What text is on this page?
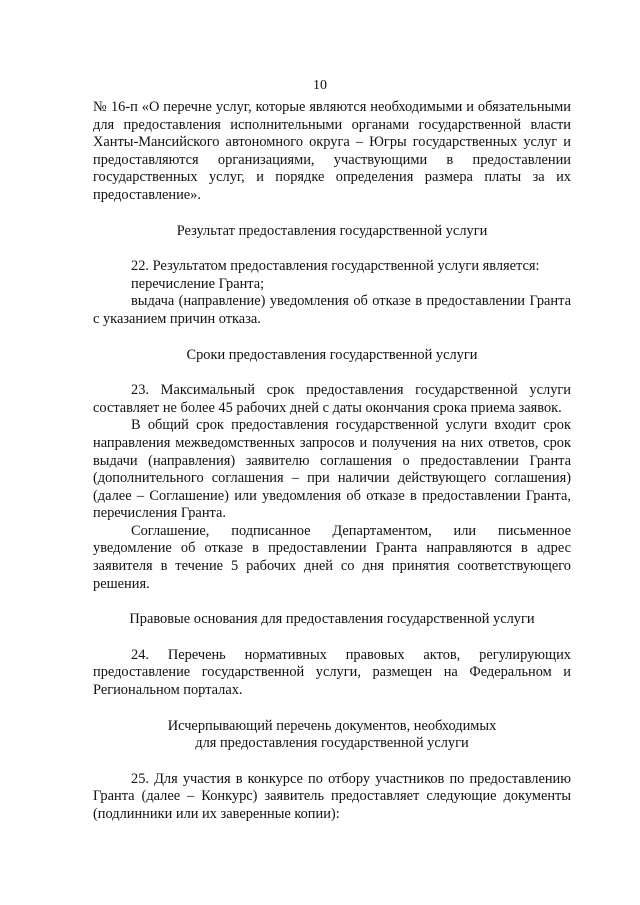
10

№ 16-п «О перечне услуг, которые являются необходимыми и обязательными для предоставления исполнительными органами государственной власти Ханты-Мансийского автономного округа – Югры государственных услуг и предоставляются организациями, участвующими в предоставлении государственных услуг, и порядке определения размера платы за их предоставление».

Результат предоставления государственной услуги

22. Результатом предоставления государственной услуги является:

перечисление Гранта;

выдача (направление) уведомления об отказе в предоставлении Гранта с указанием причин отказа.

Сроки предоставления государственной услуги

23. Максимальный срок предоставления государственной услуги составляет не более 45 рабочих дней с даты окончания срока приема заявок.

В общий срок предоставления государственной услуги входит срок направления межведомственных запросов и получения на них ответов, срок выдачи (направления) заявителю соглашения о предоставлении Гранта (дополнительного соглашения – при наличии действующего соглашения) (далее – Соглашение) или уведомления об отказе в предоставлении Гранта, перечисления Гранта.

Соглашение, подписанное Департаментом, или письменное уведомление об отказе в предоставлении Гранта направляются в адрес заявителя в течение 5 рабочих дней со дня принятия соответствующего решения.

Правовые основания для предоставления государственной услуги

24. Перечень нормативных правовых актов, регулирующих предоставление государственной услуги, размещен на Федеральном и Региональном порталах.

Исчерпывающий перечень документов, необходимых

для предоставления государственной услуги

25. Для участия в конкурсе по отбору участников по предоставлению Гранта (далее – Конкурс) заявитель предоставляет следующие документы (подлинники или их заверенные копии):
